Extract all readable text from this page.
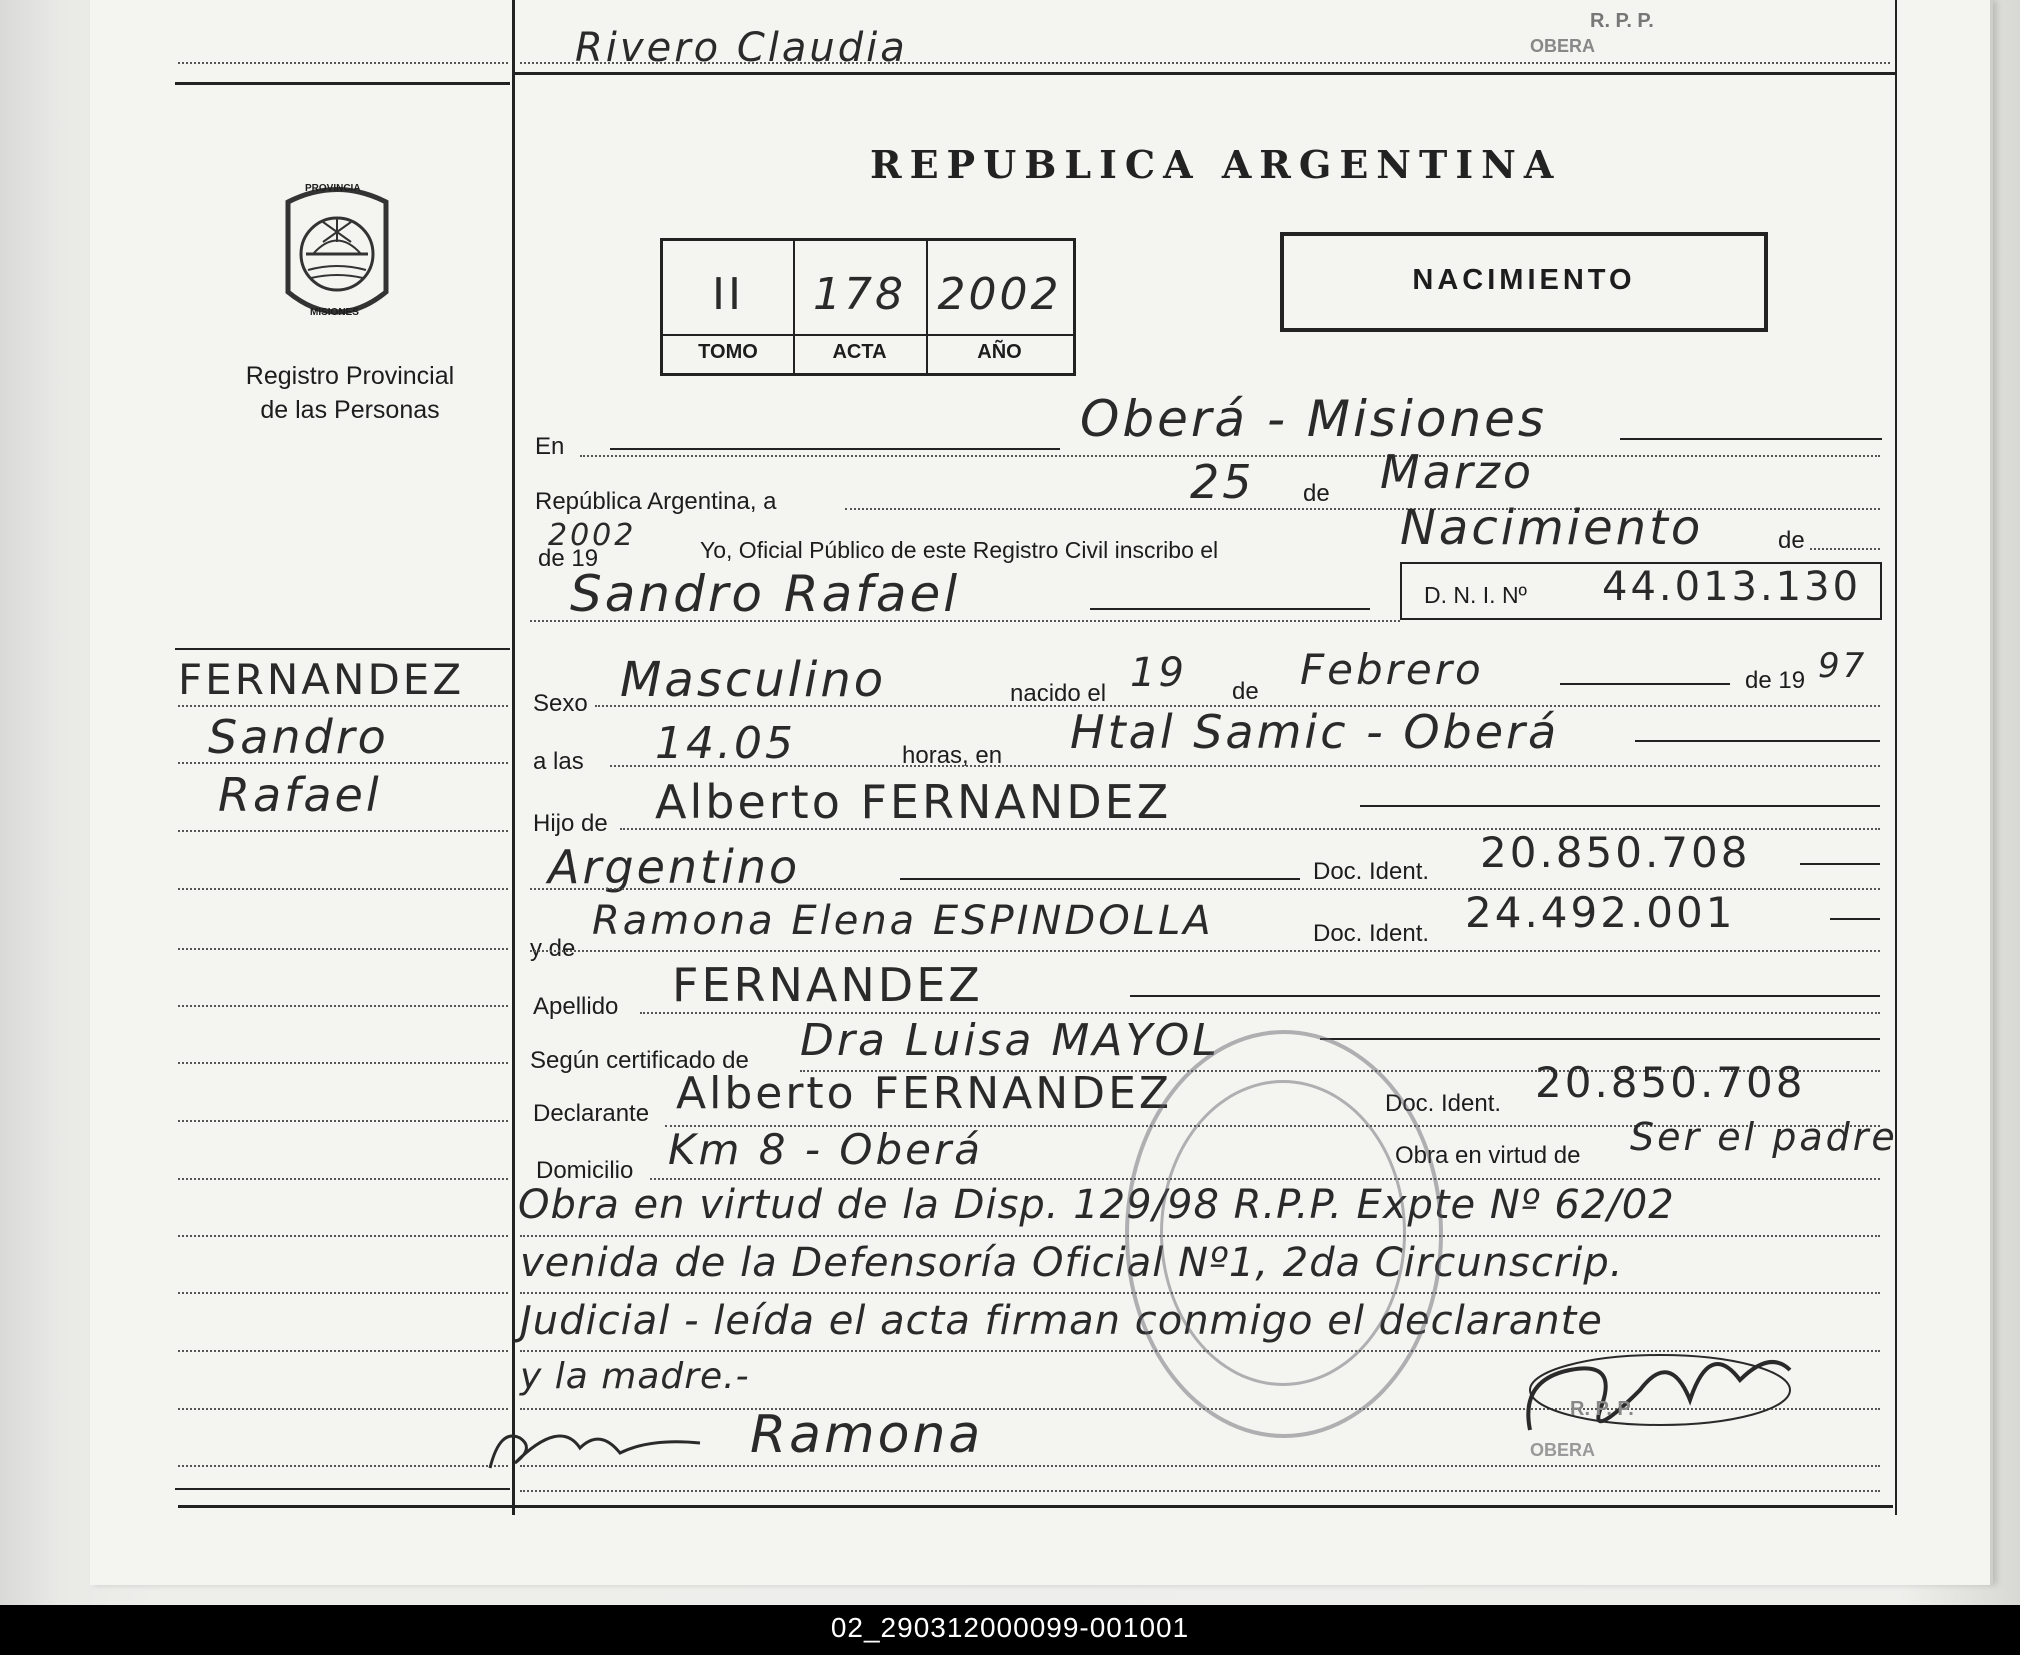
Rivero Claudia
R. P. P.
OBERA
PROVINCIA
MISIONES
Registro Provincial
de las Personas
REPUBLICA ARGENTINA
II	178 2002
TOMO	ACTA	AÑO
NACIMIENTO
En	Oberá - Misiones
República Argentina, a	25 de Marzo
de 19
2002	Yo, Oficial Público de este Registro Civil inscribo el	Nacimiento	de
Sandro Rafael	D. N. I. Nº 44.013.130
FERNANDEZ
Sandro
Rafael
Sexo Masculino	nacido el 19 de Febrero	de 19 97
a las 14.05	horas, en Htal Samic - Oberá
Hijo de Alberto FERNANDEZ
Argentino	Doc. Ident. 20.850.708
y de
Ramona Elena ESPINDOLLA	Doc. Ident. 24.492.001
Apellido FERNANDEZ
Según certificado de Dra Luisa MAYOL
Declarante Alberto FERNANDEZ	Doc. Ident. 20.850.708
Domicilio Km 8 - Oberá	Obra en virtud de Ser el padre
Obra en virtud de la Disp. 129/98 R.P.P. Expte Nº 62/02
venida de la Defensoría Oficial Nº1, 2da Circunscrip.
Judicial - leída el acta firman conmigo el declarante
y la madre.-
Ramona	R. P. P.
OBERA
02_290312000099-001001
